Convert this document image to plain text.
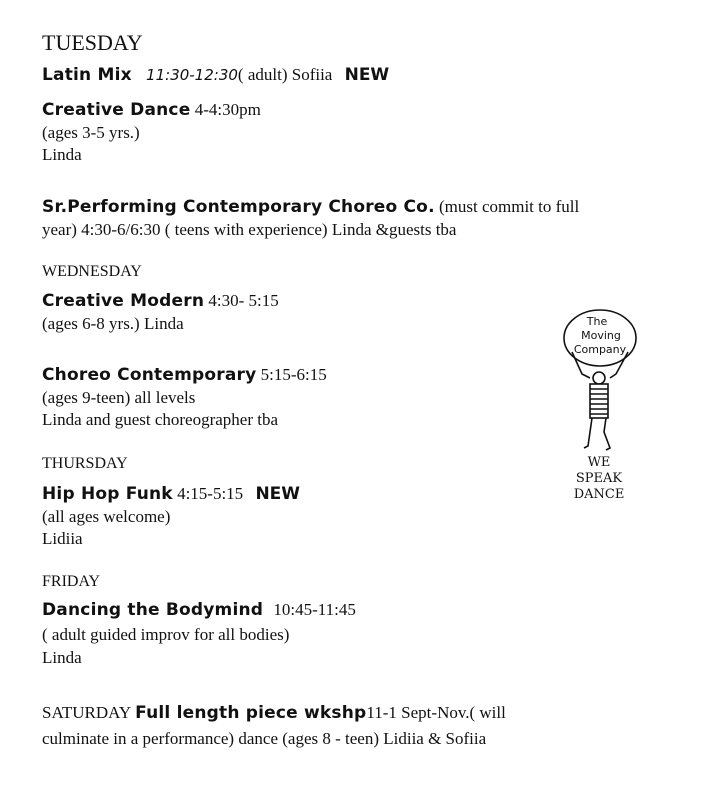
TUESDAY
Latin Mix 11:30-12:30( adult) Sofiia NEW
Creative Dance 4-4:30pm
(ages 3-5 yrs.)
Linda
Sr.Performing Contemporary Choreo Co. (must commit to full
year) 4:30-6/6:30 ( teens with experience) Linda &guests tba
WEDNESDAY
Creative Modern 4:30- 5:15
(ages 6-8 yrs.) Linda
Choreo Contemporary 5:15-6:15
(ages 9-teen) all levels
Linda and guest choreographer tba
THURSDAY
Hip Hop Funk 4:15-5:15 NEW
(all ages welcome)
Lidiia
FRIDAY
Dancing the Bodymind 10:45-11:45
( adult guided improv for all bodies)
Linda
SATURDAY Full length piece wkshp11-1 Sept-Nov.( will
culminate in a performance) dance (ages 8 - teen) Lidiia & Sofiia
The
Moving
Company
WE
SPEAK
DANCE
